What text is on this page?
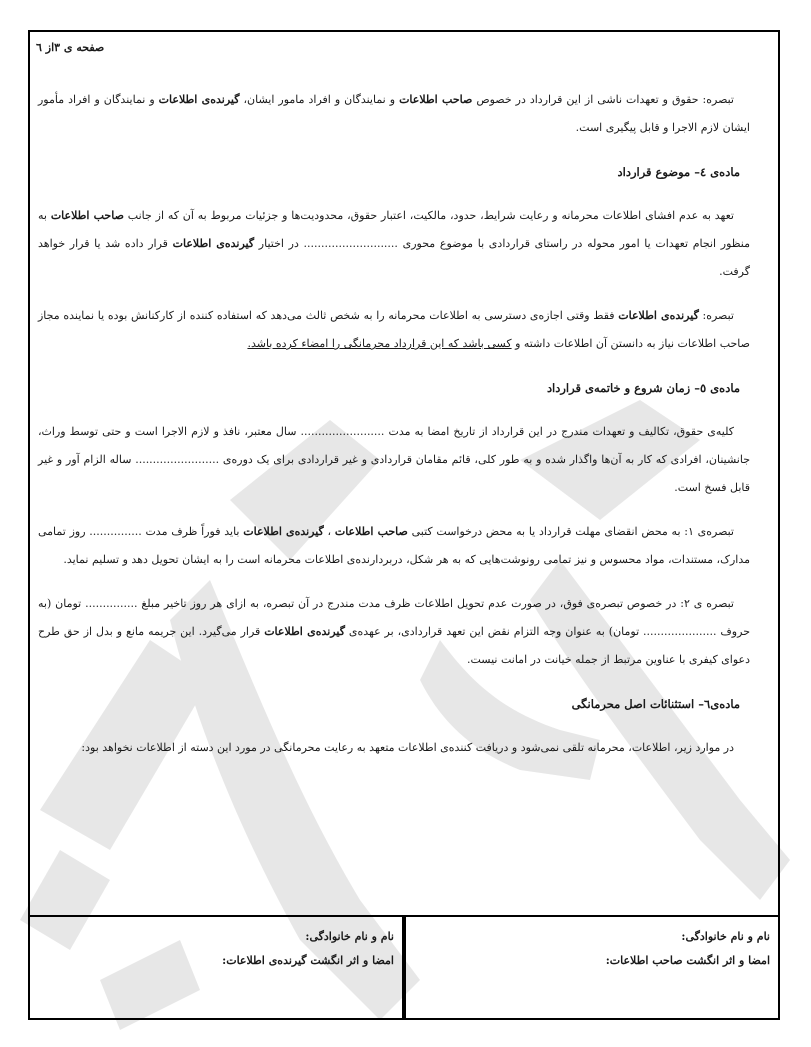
صفحه ی ۳از ٦

تبصره: حقوق و تعهدات ناشی از این قرارداد در خصوص صاحب اطلاعات و نمایندگان و افراد مامور ایشان، گیرنده‌ی اطلاعات و نمایندگان و افراد مأمور ایشان لازم الاجرا و قابل پیگیری است.

ماده‌ی ٤– موضوع قرارداد

تعهد به عدم افشای اطلاعات محرمانه و رعایت شرایط، حدود، مالکیت، اعتبار حقوق، محدودیت‌ها و جزئیات مربوط به آن که از جانب صاحب اطلاعات به منظور انجام تعهدات یا امور محوله در راستای قراردادی با موضوع محوری ........................... در اختیار گیرنده‌ی اطلاعات قرار داده شد یا قرار خواهد گرفت.

تبصره: گیرنده‌ی اطلاعات فقط وقتی اجازه‌ی دسترسی به اطلاعات محرمانه را به شخص ثالث می‌دهد که استفاده کننده از کارکنانش بوده یا نماینده مجاز صاحب اطلاعات نیاز به دانستن آن اطلاعات داشته و کسی باشد که این قرارداد محرمانگی را امضاء کرده باشد.

ماده‌ی ٥– زمان شروع و خاتمه‌ی قرارداد

کلیه‌ی حقوق، تکالیف و تعهدات مندرج در این قرارداد از تاریخ امضا به مدت ........................ سال معتبر، نافذ و لازم الاجرا است و حتی توسط وراث، جانشینان، افرادی که کار به آن‌ها واگذار شده و به طور کلی، قائم مقامان قراردادی و غیر قراردادی برای یک دوره‌ی ........................ ساله الزام آور و غیر قابل فسخ است.

تبصره‌ی ١: به محض انقضای مهلت قرارداد یا به محض درخواست کتبی صاحب اطلاعات ، گیرنده‌ی اطلاعات باید فوراً ظرف مدت ............... روز تمامی مدارک، مستندات، مواد محسوس و نیز تمامی رونوشت‌هایی که به هر شکل، دربردارنده‌ی اطلاعات محرمانه است را به ایشان تحویل دهد و تسلیم نماید.

تبصره ی ٢: در خصوص تبصره‌ی فوق، در صورت عدم تحویل اطلاعات ظرف مدت مندرج در آن تبصره، به ازای هر روز تاخیر مبلغ ............... تومان (به حروف ..................... تومان) به عنوان وجه التزام نقض این تعهد قراردادی، بر عهده‌ی گیرنده‌ی اطلاعات قرار می‌گیرد. این جریمه مانع و بدل از حق طرح دعوای کیفری با عناوین مرتبط از جمله خیانت در امانت نیست.

ماده‌ی٦– استثنائات اصل محرمانگی

در موارد زیر، اطلاعات، محرمانه تلقی نمی‌شود و دریافت کننده‌ی اطلاعات متعهد به رعایت محرمانگی در مورد این دسته از اطلاعات نخواهد بود:

نام و نام خانوادگی:
امضا و اثر انگشت صاحب اطلاعات:
نام و نام خانوادگی:
امضا و اثر انگشت گیرنده‌ی اطلاعات:
